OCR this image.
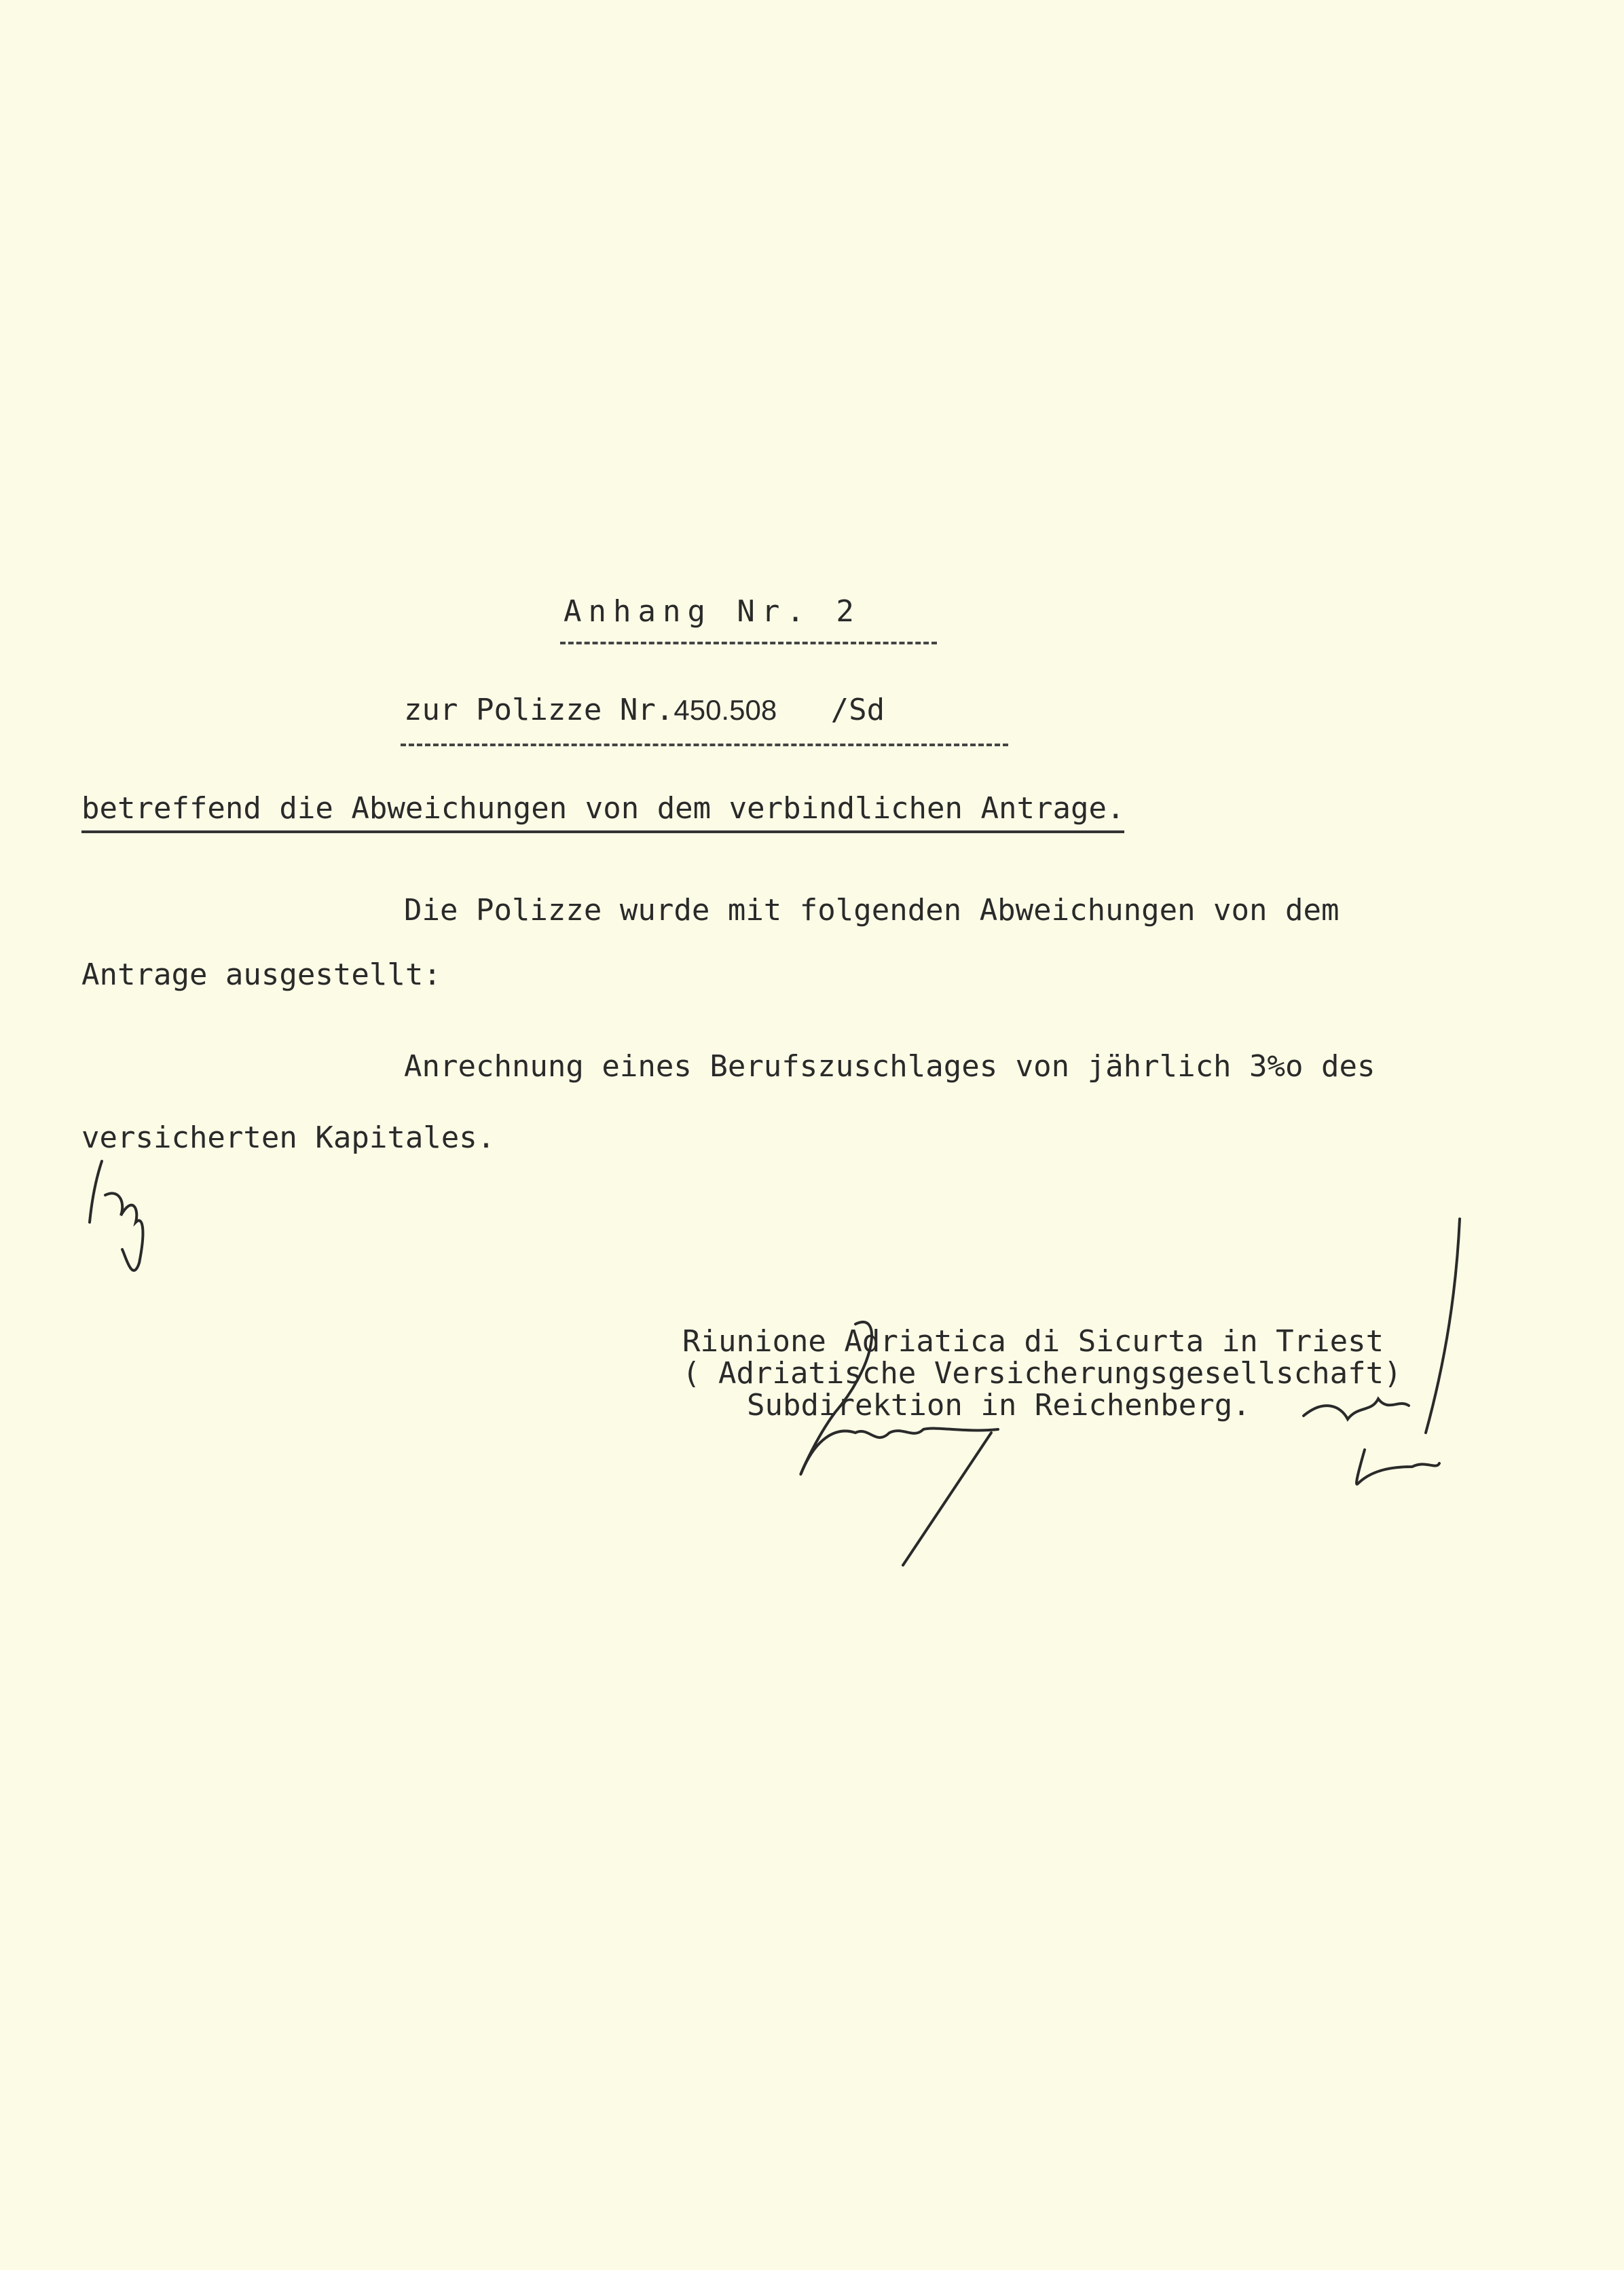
Anhang Nr. 2
zur Polizze Nr.450.508 /Sd
betreffend die Abweichungen von dem verbindlichen Antrage.
Die Polizze wurde mit folgenden Abweichungen von dem
Antrage ausgestellt:
Anrechnung eines Berufszuschlages von jährlich 3%o des
versicherten Kapitales.
Riunione Adriatica di Sicurta in Triest
( Adriatische Versicherungsgesellschaft)
Subdirektion in Reichenberg.
